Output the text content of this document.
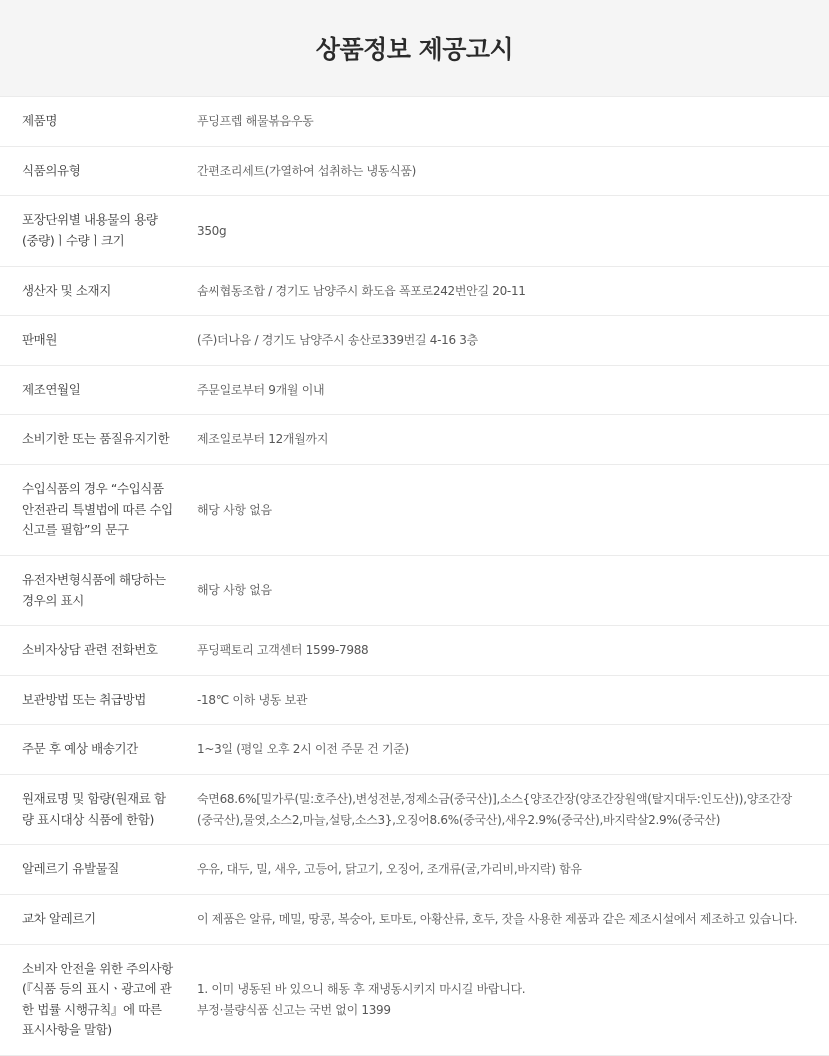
상품정보 제공고시
제품명	푸딩프렙 해물볶음우동

식품의유형	간편조리세트(가열하여 섭취하는 냉동식품)

포장단위별 내용물의 용량(중량)ㅣ수량ㅣ크기	350g

생산자 및 소재지	솜씨협동조합 / 경기도 남양주시 화도읍 폭포로242번안길 20-11

판매원	(주)더나음 / 경기도 남양주시 송산로339번길 4-16 3층

제조연월일	주문일로부터 9개월 이내

소비기한 또는 품질유지기한	제조일로부터 12개월까지

수입식품의 경우 “수입식품안전관리 특별법에 따른 수입신고를 필함”의 문구	해당 사항 없음

유전자변형식품에 해당하는 경우의 표시	해당 사항 없음

소비자상담 관련 전화번호	푸딩팩토리 고객센터 1599-7988

보관방법 또는 취급방법	-18℃ 이하 냉동 보관

주문 후 예상 배송기간	1~3일 (평일 오후 2시 이전 주문 건 기준)

원재료명 및 함량(원재료 함량 표시대상 식품에 한함)	숙면68.6%[밀가루(밀:호주산),변성전분,정제소금(중국산)],소스{양조간장(양조간장원액(탈지대두:인도산)),양조간장(중국산),물엿,소스2,마늘,설탕,소스3},오징어8.6%(중국산),새우2.9%(중국산),바지락살2.9%(중국산)

알레르기 유발물질	우유, 대두, 밀, 새우, 고등어, 닭고기, 오징어, 조개류(굴,가리비,바지락) 함유

교차 알레르기	이 제품은 알류, 메밀, 땅콩, 복숭아, 토마토, 아황산류, 호두, 잣을 사용한 제품과 같은 제조시설에서 제조하고 있습니다.

소비자 안전을 위한 주의사항 (『식품 등의 표시ㆍ광고에 관한 법률 시행규칙』에 따른 표시사항을 말함)	1. 이미 냉동된 바 있으니 해동 후 재냉동시키지 마시길 바랍니다.
부정·불량식품 신고는 국번 없이 1399
